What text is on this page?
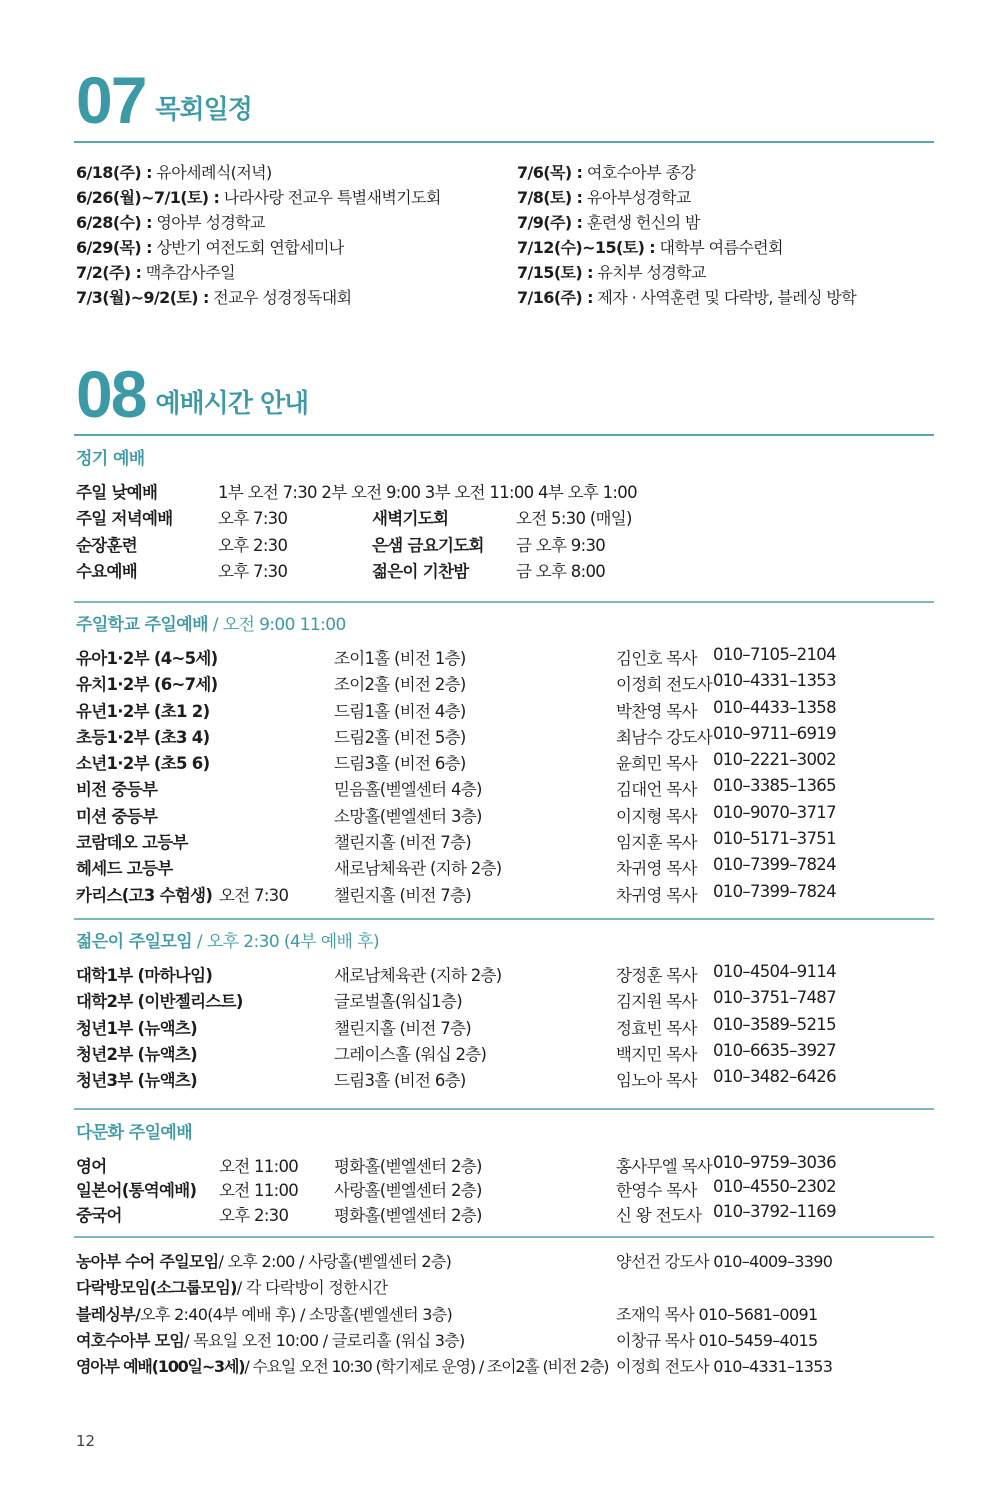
07 목회일정
6/18(주) : 유아세례식(저녁)
6/26(월)~7/1(토) : 나라사랑 전교우 특별새벽기도회
6/28(수) : 영아부 성경학교
6/29(목) : 상반기 여전도회 연합세미나
7/2(주) : 맥추감사주일
7/3(월)~9/2(토) : 전교우 성경정독대회
7/6(목) : 여호수아부 종강
7/8(토) : 유아부성경학교
7/9(주) : 훈련생 헌신의 밤
7/12(수)~15(토) : 대학부 여름수련회
7/15(토) : 유치부 성경학교
7/16(주) : 제자 · 사역훈련 및 다락방, 블레싱 방학
08 예배시간 안내
정기 예배
주일 낮예배	1부 오전 7:30 2부 오전 9:00 3부 오전 11:00 4부 오후 1:00
주일 저녁예배	오후 7:30	새벽기도회	오전 5:30 (매일)
순장훈련	오후 2:30	은샘 금요기도회 금 오후 9:30
수요예배	오후 7:30	젊은이 기찬밤	금 오후 8:00
주일학교 주일예배 / 오전 9:00 11:00
유아1·2부 (4~5세)	조이1홀 (비전 1층)	김인호 목사 010–7105–2104
유치1·2부 (6~7세)	조이2홀 (비전 2층)	이정희 전도사 010–4331–1353
유년1·2부 (초1 2)	드림1홀 (비전 4층)	박찬영 목사 010–4433–1358
초등1·2부 (초3 4)	드림2홀 (비전 5층)	최남수 강도사 010–9711–6919
소년1·2부 (초5 6)	드림3홀 (비전 6층)	윤희민 목사 010–2221–3002
비전 중등부	믿음홀(벧엘센터 4층)	김대언 목사 010–3385–1365
미션 중등부	소망홀(벧엘센터 3층)	이지형 목사 010–9070–3717
코람데오 고등부	챌린지홀 (비전 7층)	임지훈 목사 010–5171–3751
헤세드 고등부	새로남체육관 (지하 2층)	차귀영 목사 010–7399–7824
카리스(고3 수험생) 오전 7:30	챌린지홀 (비전 7층)	차귀영 목사 010–7399–7824
젊은이 주일모임 / 오후 2:30 (4부 예배 후)
대학1부 (마하나임)	새로남체육관 (지하 2층)	장정훈 목사 010–4504–9114
대학2부 (이반젤리스트)	글로벌홀(워십1층)	김지원 목사 010–3751–7487
청년1부 (뉴액츠)	챌린지홀 (비전 7층)	정효빈 목사 010–3589–5215
청년2부 (뉴액츠)	그레이스홀 (워십 2층)	백지민 목사 010–6635–3927
청년3부 (뉴액츠)	드림3홀 (비전 6층)	임노아 목사 010–3482–6426
다문화 주일예배
영어	오전 11:00 평화홀(벧엘센터 2층)	홍사무엘 목사 010–9759–3036
일본어(통역예배) 오전 11:00 사랑홀(벧엘센터 2층)	한영수 목사 010–4550–2302
중국어	오후 2:30	평화홀(벧엘센터 2층)	신 왕 전도사 010–3792–1169
농아부 수어 주일모임 / 오후 2:00 / 사랑홀(벧엘센터 2층)	양선건 강도사 010–4009–3390
다락방모임(소그룹모임) / 각 다락방이 정한시간
블레싱부/ 오후 2:40(4부 예배 후) / 소망홀(벧엘센터 3층)	조재익 목사 010–5681–0091
여호수아부 모임 / 목요일 오전 10:00 / 글로리홀 (워십 3층)	이창규 목사 010–5459–4015
영아부 예배(100일~3세) / 수요일 오전 10:30 (학기제로 운영) / 조이2홀 (비전 2층) 이정희 전도사 010–4331–1353
12
